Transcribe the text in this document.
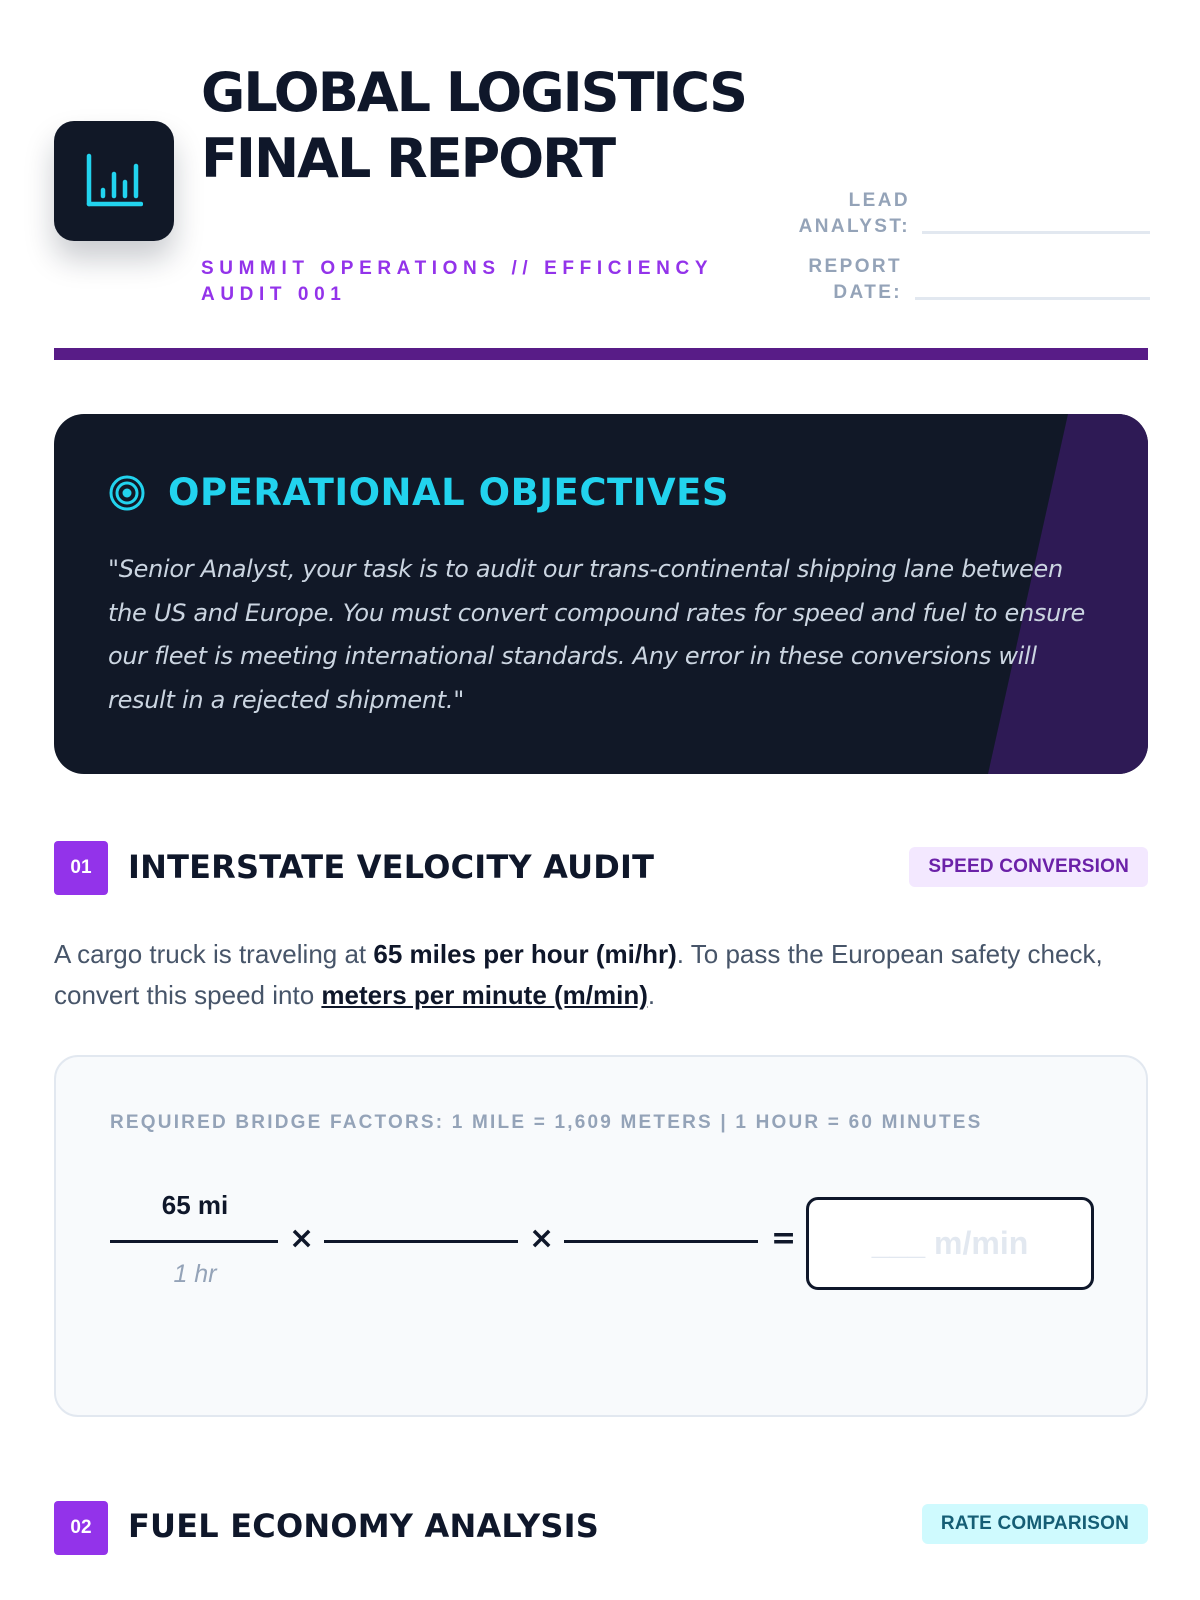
GLOBAL LOGISTICS FINAL REPORT
SUMMIT OPERATIONS // EFFICIENCY AUDIT 001
LEAD ANALYST:
REPORT DATE:
OPERATIONAL OBJECTIVES

"Senior Analyst, your task is to audit our trans-continental shipping lane between the US and Europe. You must convert compound rates for speed and fuel to ensure our fleet is meeting international standards. Any error in these conversions will result in a rejected shipment."

01	INTERSTATE VELOCITY AUDIT	SPEED CONVERSION

A cargo truck is traveling at 65 miles per hour (mi/hr). To pass the European safety check, convert this speed into meters per minute (m/min).

REQUIRED BRIDGE FACTORS: 1 MILE = 1,609 METERS | 1 HOUR = 60 MINUTES
65 mi
1 hr
×	×	=	___ m/min
02	FUEL ECONOMY ANALYSIS	RATE COMPARISON
